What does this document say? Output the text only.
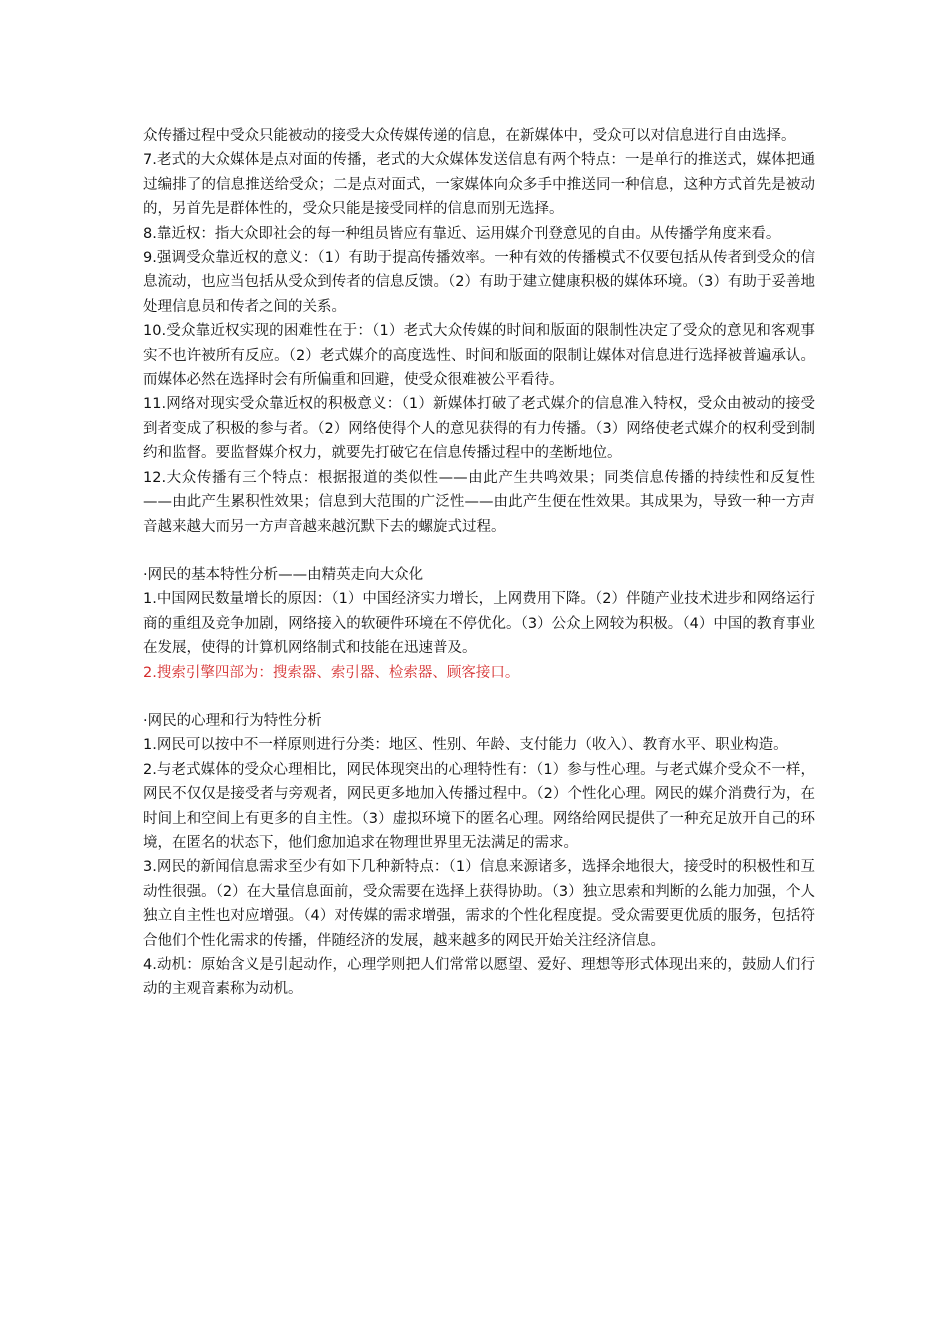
众传播过程中受众只能被动的接受大众传媒传递的信息，在新媒体中，受众可以对信息进行自由选择。

7.老式的大众媒体是点对面的传播，老式的大众媒体发送信息有两个特点：一是单行的推送式，媒体把通过编排了的信息推送给受众；二是点对面式，一家媒体向众多手中推送同一种信息，这种方式首先是被动的，另首先是群体性的，受众只能是接受同样的信息而别无选择。

8.靠近权：指大众即社会的每一种组员皆应有靠近、运用媒介刊登意见的自由。从传播学角度来看。

9.强调受众靠近权的意义：（1）有助于提高传播效率。一种有效的传播模式不仅要包括从传者到受众的信息流动，也应当包括从受众到传者的信息反馈。（2）有助于建立健康积极的媒体环境。（3）有助于妥善地处理信息员和传者之间的关系。

10.受众靠近权实现的困难性在于：（1）老式大众传媒的时间和版面的限制性决定了受众的意见和客观事实不也许被所有反应。（2）老式媒介的高度选性、时间和版面的限制让媒体对信息进行选择被普遍承认。而媒体必然在选择时会有所偏重和回避，使受众很难被公平看待。

11.网络对现实受众靠近权的积极意义：（1）新媒体打破了老式媒介的信息准入特权，受众由被动的接受到者变成了积极的参与者。（2）网络使得个人的意见获得的有力传播。（3）网络使老式媒介的权利受到制约和监督。要监督媒介权力，就要先打破它在信息传播过程中的垄断地位。

12.大众传播有三个特点：根据报道的类似性——由此产生共鸣效果；同类信息传播的持续性和反复性——由此产生累积性效果；信息到大范围的广泛性——由此产生便在性效果。其成果为，导致一种一方声音越来越大而另一方声音越来越沉默下去的螺旋式过程。

·网民的基本特性分析——由精英走向大众化

1.中国网民数量增长的原因：（1）中国经济实力增长，上网费用下降。（2）伴随产业技术进步和网络运行商的重组及竞争加剧，网络接入的软硬件环境在不停优化。（3）公众上网较为积极。（4）中国的教育事业在发展，使得的计算机网络制式和技能在迅速普及。

2.搜索引擎四部为：搜索器、索引器、检索器、顾客接口。

·网民的心理和行为特性分析

1.网民可以按中不一样原则进行分类：地区、性别、年龄、支付能力（收入）、教育水平、职业构造。

2.与老式媒体的受众心理相比，网民体现突出的心理特性有：（1）参与性心理。与老式媒介受众不一样，网民不仅仅是接受者与旁观者，网民更多地加入传播过程中。（2）个性化心理。网民的媒介消费行为，在时间上和空间上有更多的自主性。（3）虚拟环境下的匿名心理。网络给网民提供了一种充足放开自己的环境，在匿名的状态下，他们愈加追求在物理世界里无法满足的需求。

3.网民的新闻信息需求至少有如下几种新特点：（1）信息来源诸多，选择余地很大，接受时的积极性和互动性很强。（2）在大量信息面前，受众需要在选择上获得协助。（3）独立思索和判断的么能力加强，个人独立自主性也对应增强。（4）对传媒的需求增强，需求的个性化程度提。受众需要更优质的服务，包括符合他们个性化需求的传播，伴随经济的发展，越来越多的网民开始关注经济信息。

4.动机：原始含义是引起动作，心理学则把人们常常以愿望、爱好、理想等形式体现出来的，鼓励人们行动的主观音素称为动机。
